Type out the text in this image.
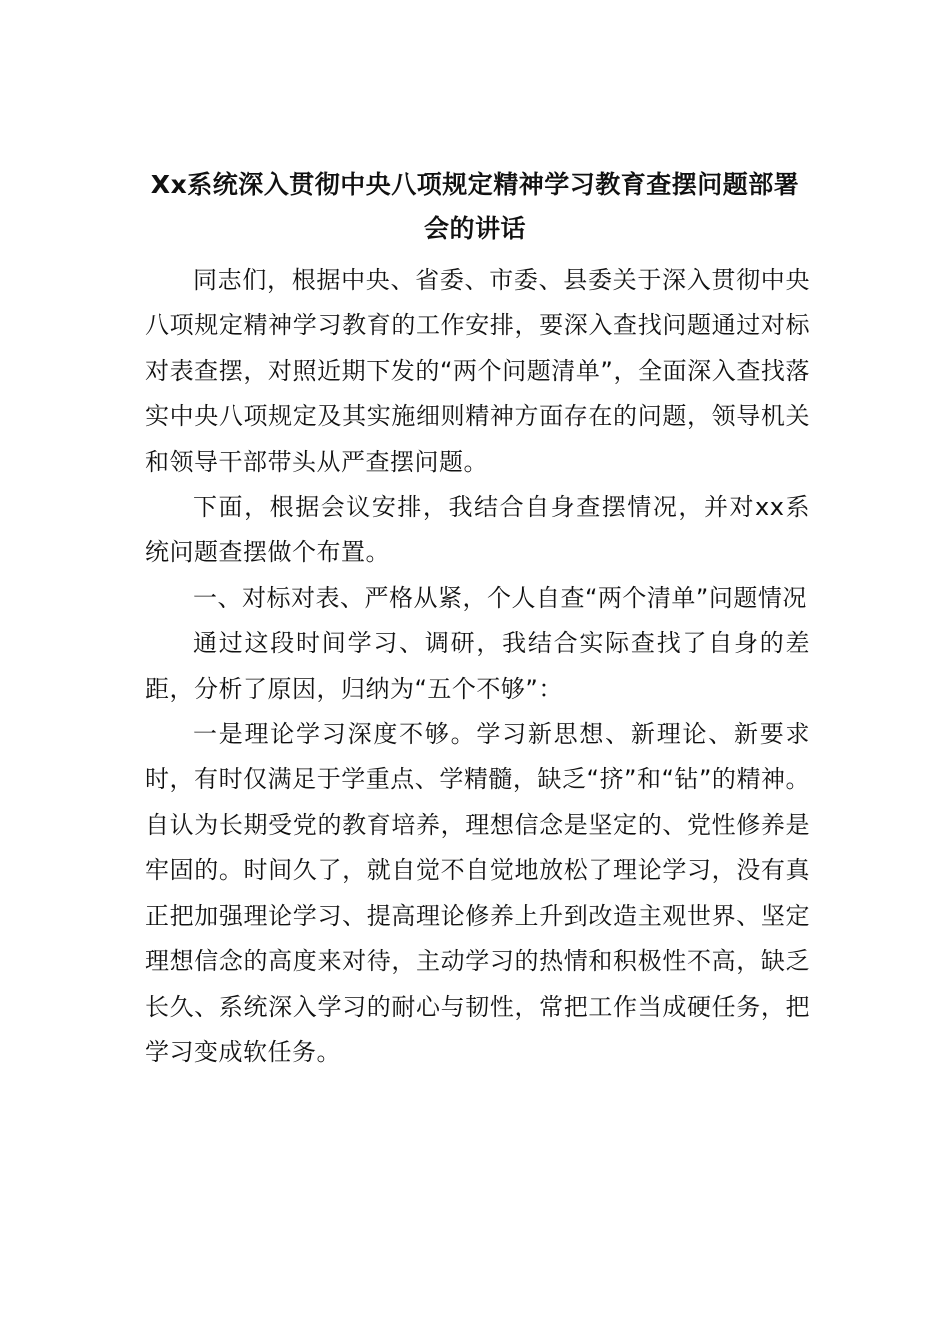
Xx系统深入贯彻中央八项规定精神学习教育查摆问题部署会的讲话

同志们，根据中央、省委、市委、县委关于深入贯彻中央八项规定精神学习教育的工作安排，要深入查找问题通过对标对表查摆，对照近期下发的“两个问题清单”，全面深入查找落实中央八项规定及其实施细则精神方面存在的问题，领导机关和领导干部带头从严查摆问题。

下面，根据会议安排，我结合自身查摆情况，并对xx系统问题查摆做个布置。

一、对标对表、严格从紧，个人自查“两个清单”问题情况

通过这段时间学习、调研，我结合实际查找了自身的差距，分析了原因，归纳为“五个不够”：

一是理论学习深度不够。学习新思想、新理论、新要求时，有时仅满足于学重点、学精髓，缺乏“挤”和“钻”的精神。自认为长期受党的教育培养，理想信念是坚定的、党性修养是牢固的。时间久了，就自觉不自觉地放松了理论学习，没有真正把加强理论学习、提高理论修养上升到改造主观世界、坚定理想信念的高度来对待，主动学习的热情和积极性不高，缺乏长久、系统深入学习的耐心与韧性，常把工作当成硬任务，把学习变成软任务。
